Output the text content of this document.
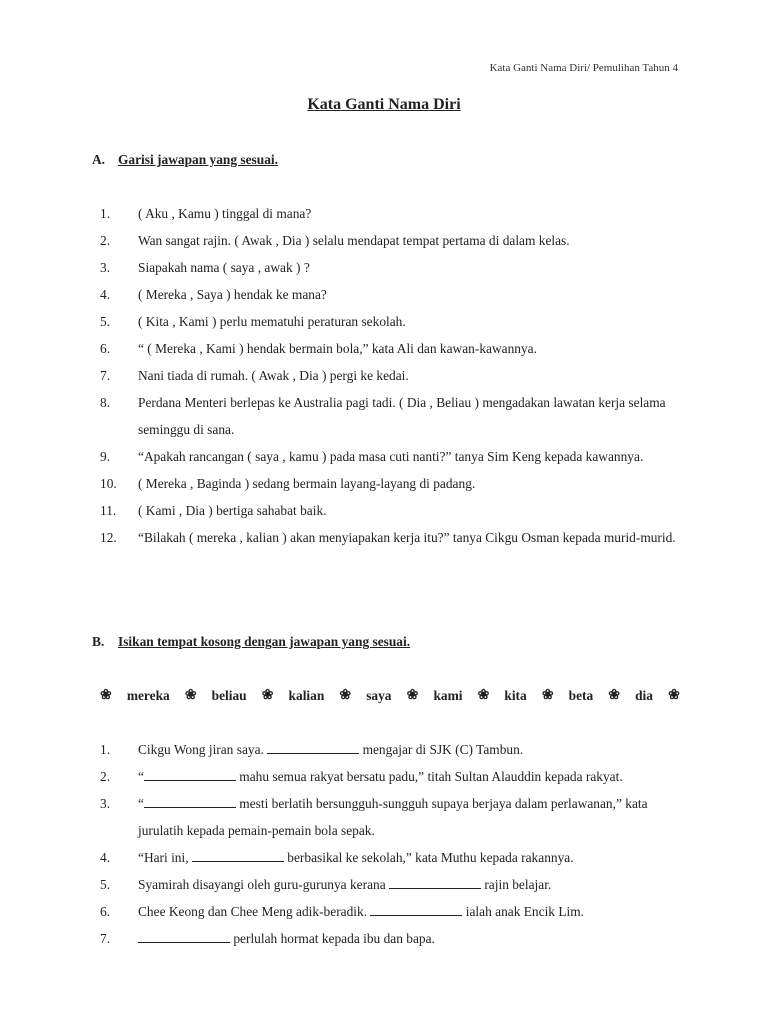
Kata Ganti Nama Diri/ Pemulihan Tahun 4
Kata Ganti Nama Diri
A. Garisi jawapan yang sesuai.
1.	( Aku , Kamu ) tinggal di mana?
2.	Wan sangat rajin. ( Awak , Dia ) selalu mendapat tempat pertama di dalam kelas.
3.	Siapakah nama ( saya , awak ) ?
4.	( Mereka , Saya ) hendak ke mana?
5.	( Kita , Kami ) perlu mematuhi peraturan sekolah.
6.	“ ( Mereka , Kami ) hendak bermain bola,” kata Ali dan kawan-kawannya.
7.	Nani tiada di rumah. ( Awak , Dia ) pergi ke kedai.
8.	Perdana Menteri berlepas ke Australia pagi tadi. ( Dia , Beliau ) mengadakan lawatan kerja selama seminggu di sana.
9.	“Apakah rancangan ( saya , kamu ) pada masa cuti nanti?” tanya Sim Keng kepada kawannya.
10.	( Mereka , Baginda ) sedang bermain layang-layang di padang.
11.	( Kami , Dia ) bertiga sahabat baik.
12.	“Bilakah ( mereka , kalian ) akan menyiapakan kerja itu?” tanya Cikgu Osman kepada murid-murid.
B. Isikan tempat kosong dengan jawapan yang sesuai.
❀ mereka ❀ beliau ❀ kalian ❀ saya ❀ kami ❀ kita ❀ beta ❀ dia ❀
1.	Cikgu Wong jiran saya.	mengajar di SJK (C) Tambun.
2.	“	mahu semua rakyat bersatu padu,” titah Sultan Alauddin kepada rakyat.
3.	“	mesti berlatih bersungguh-sungguh supaya berjaya dalam perlawanan,” kata jurulatih kepada pemain-pemain bola sepak.
4.	“Hari ini,	berbasikal ke sekolah,” kata Muthu kepada rakannya.
5.	Syamirah disayangi oleh guru-gurunya kerana	rajin belajar.
6.	Chee Keong dan Chee Meng adik-beradik.	ialah anak Encik Lim.
7.	perlulah hormat kepada ibu dan bapa.
